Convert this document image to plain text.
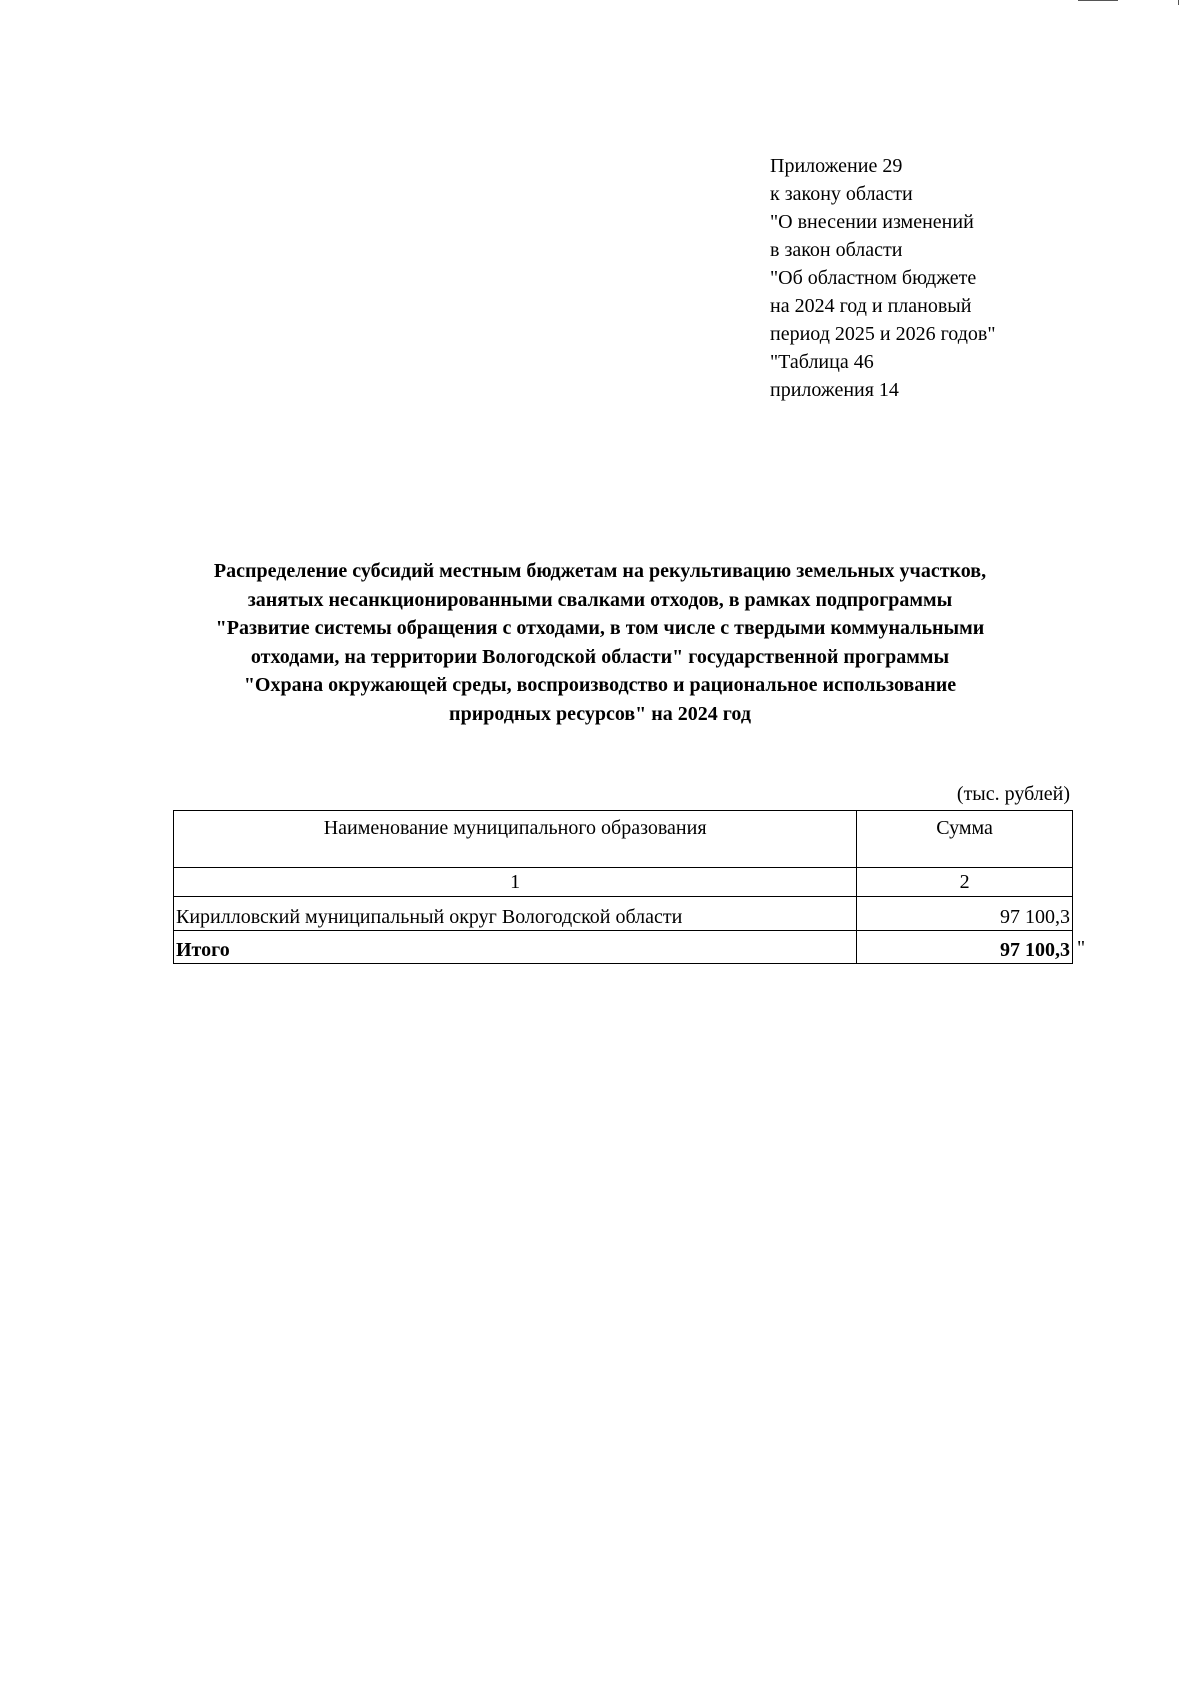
Приложение 29
к закону области
"О внесении изменений
в закон области
"Об областном бюджете
на 2024 год и плановый
период 2025 и 2026 годов"
"Таблица 46
приложения 14
Распределение субсидий местным бюджетам на рекультивацию земельных участков,
занятых несанкционированными свалками отходов, в рамках подпрограммы
"Развитие системы обращения с отходами, в том числе с твердыми коммунальными
отходами, на территории Вологодской области" государственной программы
"Охрана окружающей среды, воспроизводство и рациональное использование
природных ресурсов" на 2024 год
(тыс. рублей)
Наименование муниципального образования	Сумма
1	2
Кирилловский муниципальный округ Вологодской области	97 100,3
Итого	97 100,3 "
